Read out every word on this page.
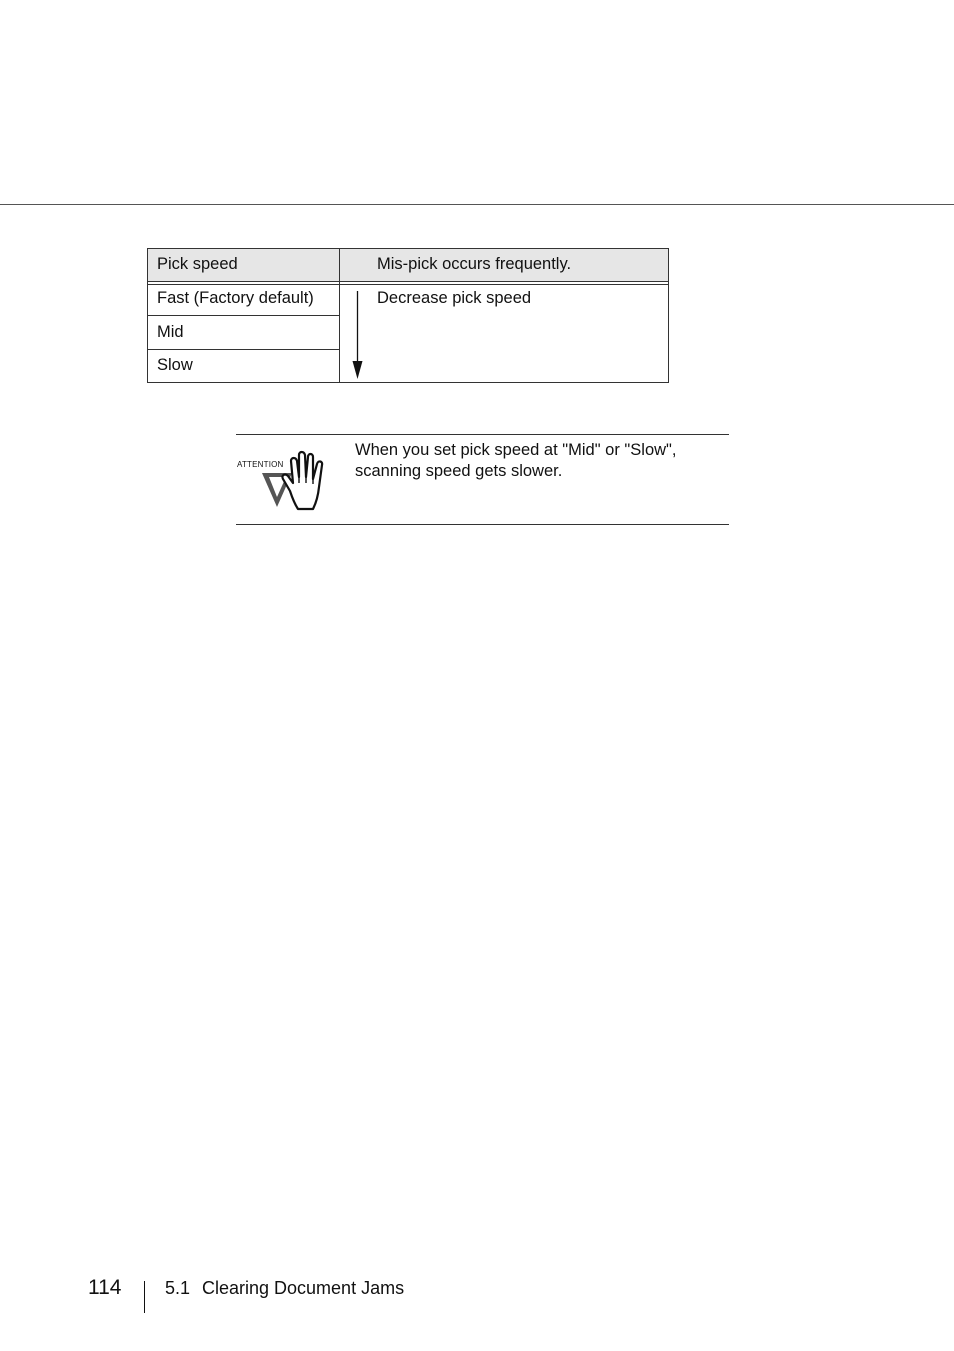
Pick speed	Mis-pick occurs frequently.
Fast (Factory default)
Mid
Slow
Decrease pick speed
ATTENTION
When you set pick speed at "Mid" or "Slow", scanning speed gets slower.
114 5.1 Clearing Document Jams
